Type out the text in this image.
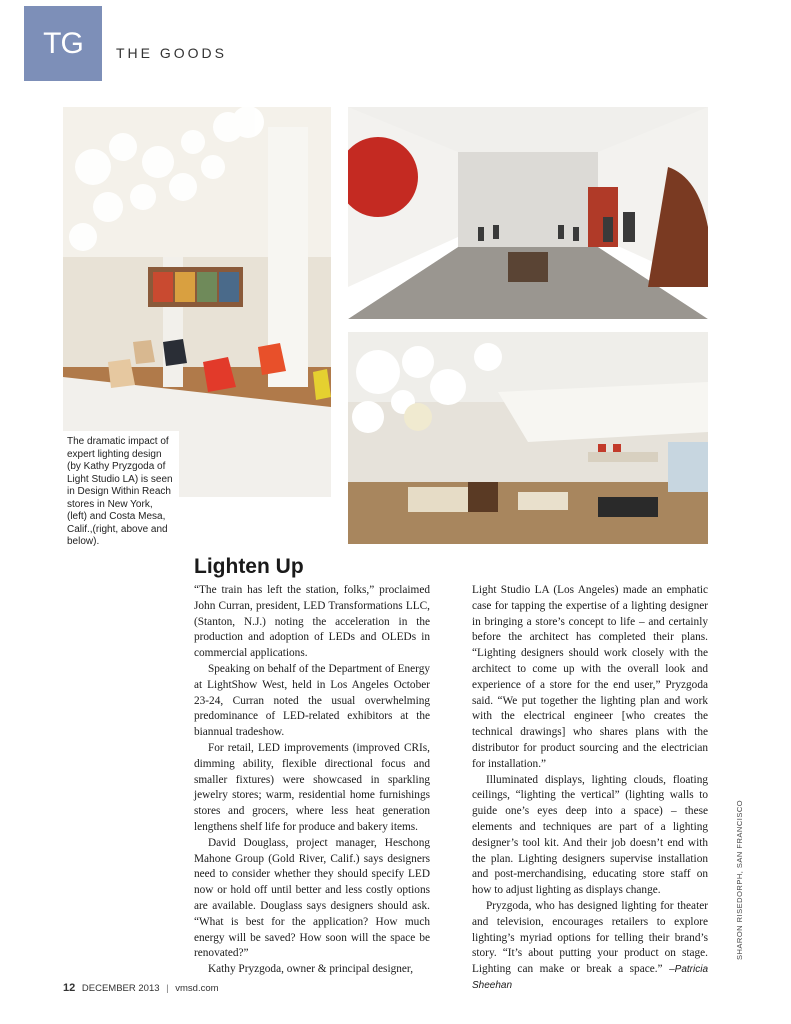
TG	THE GOODS
The dramatic impact of expert lighting design (by Kathy Pryzgoda of Light Studio LA) is seen in Design Within Reach stores in New York, (left) and Costa Mesa, Calif.,(right, above and below).
Lighten Up

“The train has left the station, folks,” proclaimed John Curran, president, LED Transformations LLC, (Stanton, N.J.) noting the acceleration in the production and adoption of LEDs and OLEDs in commercial applications.

Speaking on behalf of the Department of Energy at LightShow West, held in Los Angeles October 23-24, Curran noted the usual overwhelming predominance of LED-related exhibitors at the biannual tradeshow.

For retail, LED improvements (improved CRIs, dimming ability, flexible directional focus and smaller fixtures) were showcased in sparkling jewelry stores; warm, residential home furnishings stores and grocers, where less heat generation lengthens shelf life for produce and bakery items.

David Douglass, project manager, Heschong Mahone Group (Gold River, Calif.) says designers need to consider whether they should specify LED now or hold off until better and less costly options are available. Douglass says designers should ask. “What is best for the application? How much energy will be saved? How soon will the space be renovated?”

Kathy Pryzgoda, owner & principal designer,

Light Studio LA (Los Angeles) made an emphatic case for tapping the expertise of a lighting designer in bringing a store’s concept to life – and certainly before the architect has completed their plans. “Lighting designers should work closely with the architect to come up with the overall look and experience of a store for the end user,” Pryzgoda said. “We put together the lighting plan and work with the electrical engineer [who creates the technical drawings] who shares plans with the distributor for product sourcing and the electrician for installation.”

Illuminated displays, lighting clouds, floating ceilings, “lighting the vertical” (lighting walls to guide one’s eyes deep into a space) – these elements and techniques are part of a lighting designer’s tool kit. And their job doesn’t end with the plan. Lighting designers supervise installation and post-merchandising, educating store staff on how to adjust lighting as displays change.

Pryzgoda, who has designed lighting for theater and television, encourages retailers to explore lighting’s myriad options for telling their brand’s story. “It’s about putting your product on stage. Lighting can make or break a space.” –Patricia Sheehan

SHARON RISEDORPH, SAN FRANCISCO
12 DECEMBER 2013 | vmsd.com
